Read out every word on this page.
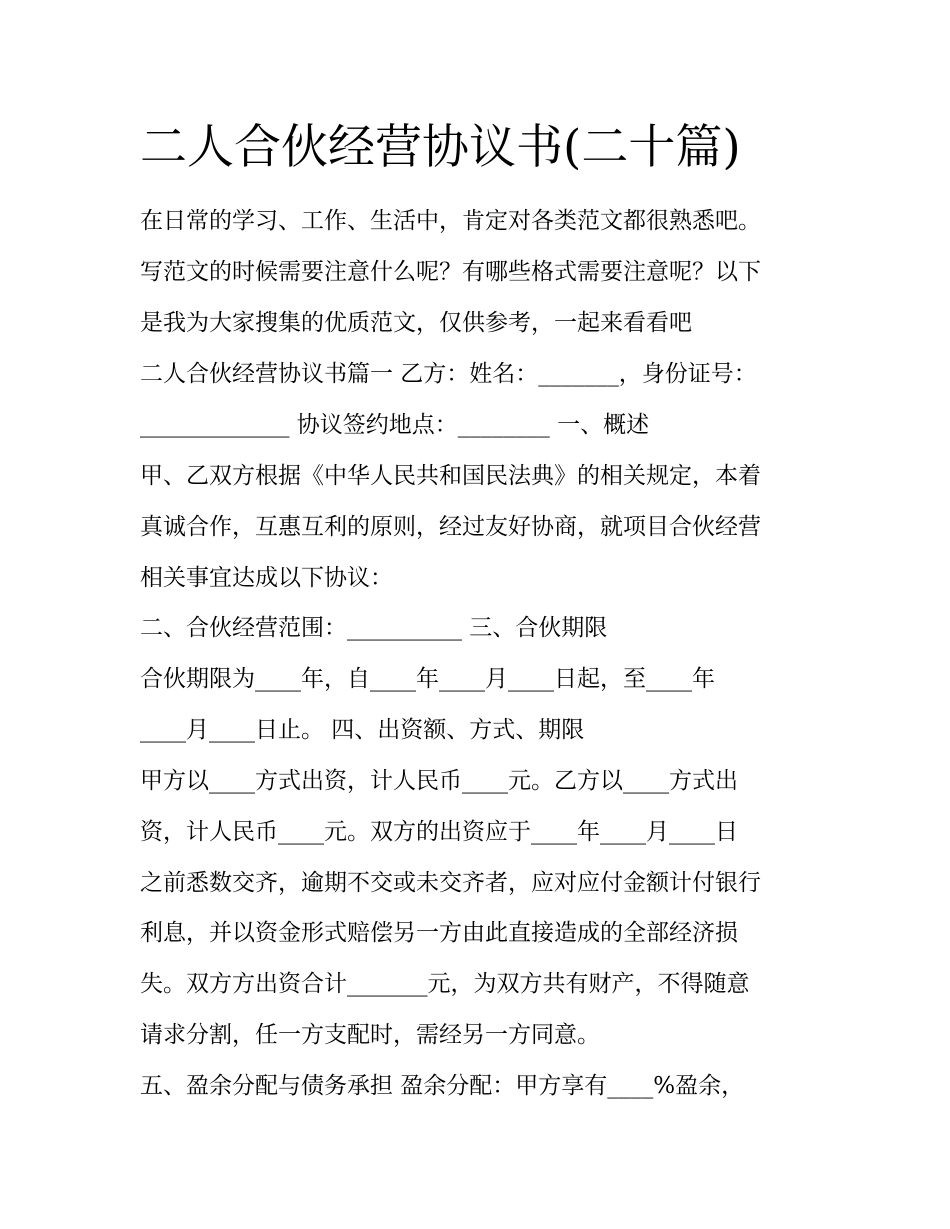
二人合伙经营协议书(二十篇)

在日常的学习、工作、生活中，肯定对各类范文都很熟悉吧。

写范文的时候需要注意什么呢？有哪些格式需要注意呢？以下

是我为大家搜集的优质范文，仅供参考，一起来看看吧

二人合伙经营协议书篇一 乙方：姓名：_______，身份证号：

_____________ 协议签约地点：________ 一、概述

甲、乙双方根据《中华人民共和国民法典》的相关规定，本着

真诚合作，互惠互利的原则，经过友好协商，就项目合伙经营

相关事宜达成以下协议：

二、合伙经营范围：__________ 三、合伙期限

合伙期限为____年，自____年____月____日起，至____年

____月____日止。 四、出资额、方式、期限

甲方以____方式出资，计人民币____元。乙方以____方式出

资，计人民币____元。双方的出资应于____年____月____日

之前悉数交齐，逾期不交或未交齐者，应对应付金额计付银行

利息，并以资金形式赔偿另一方由此直接造成的全部经济损

失。双方方出资合计_______元，为双方共有财产，不得随意

请求分割，任一方支配时，需经另一方同意。

五、盈余分配与债务承担 盈余分配：甲方享有____%盈余，
